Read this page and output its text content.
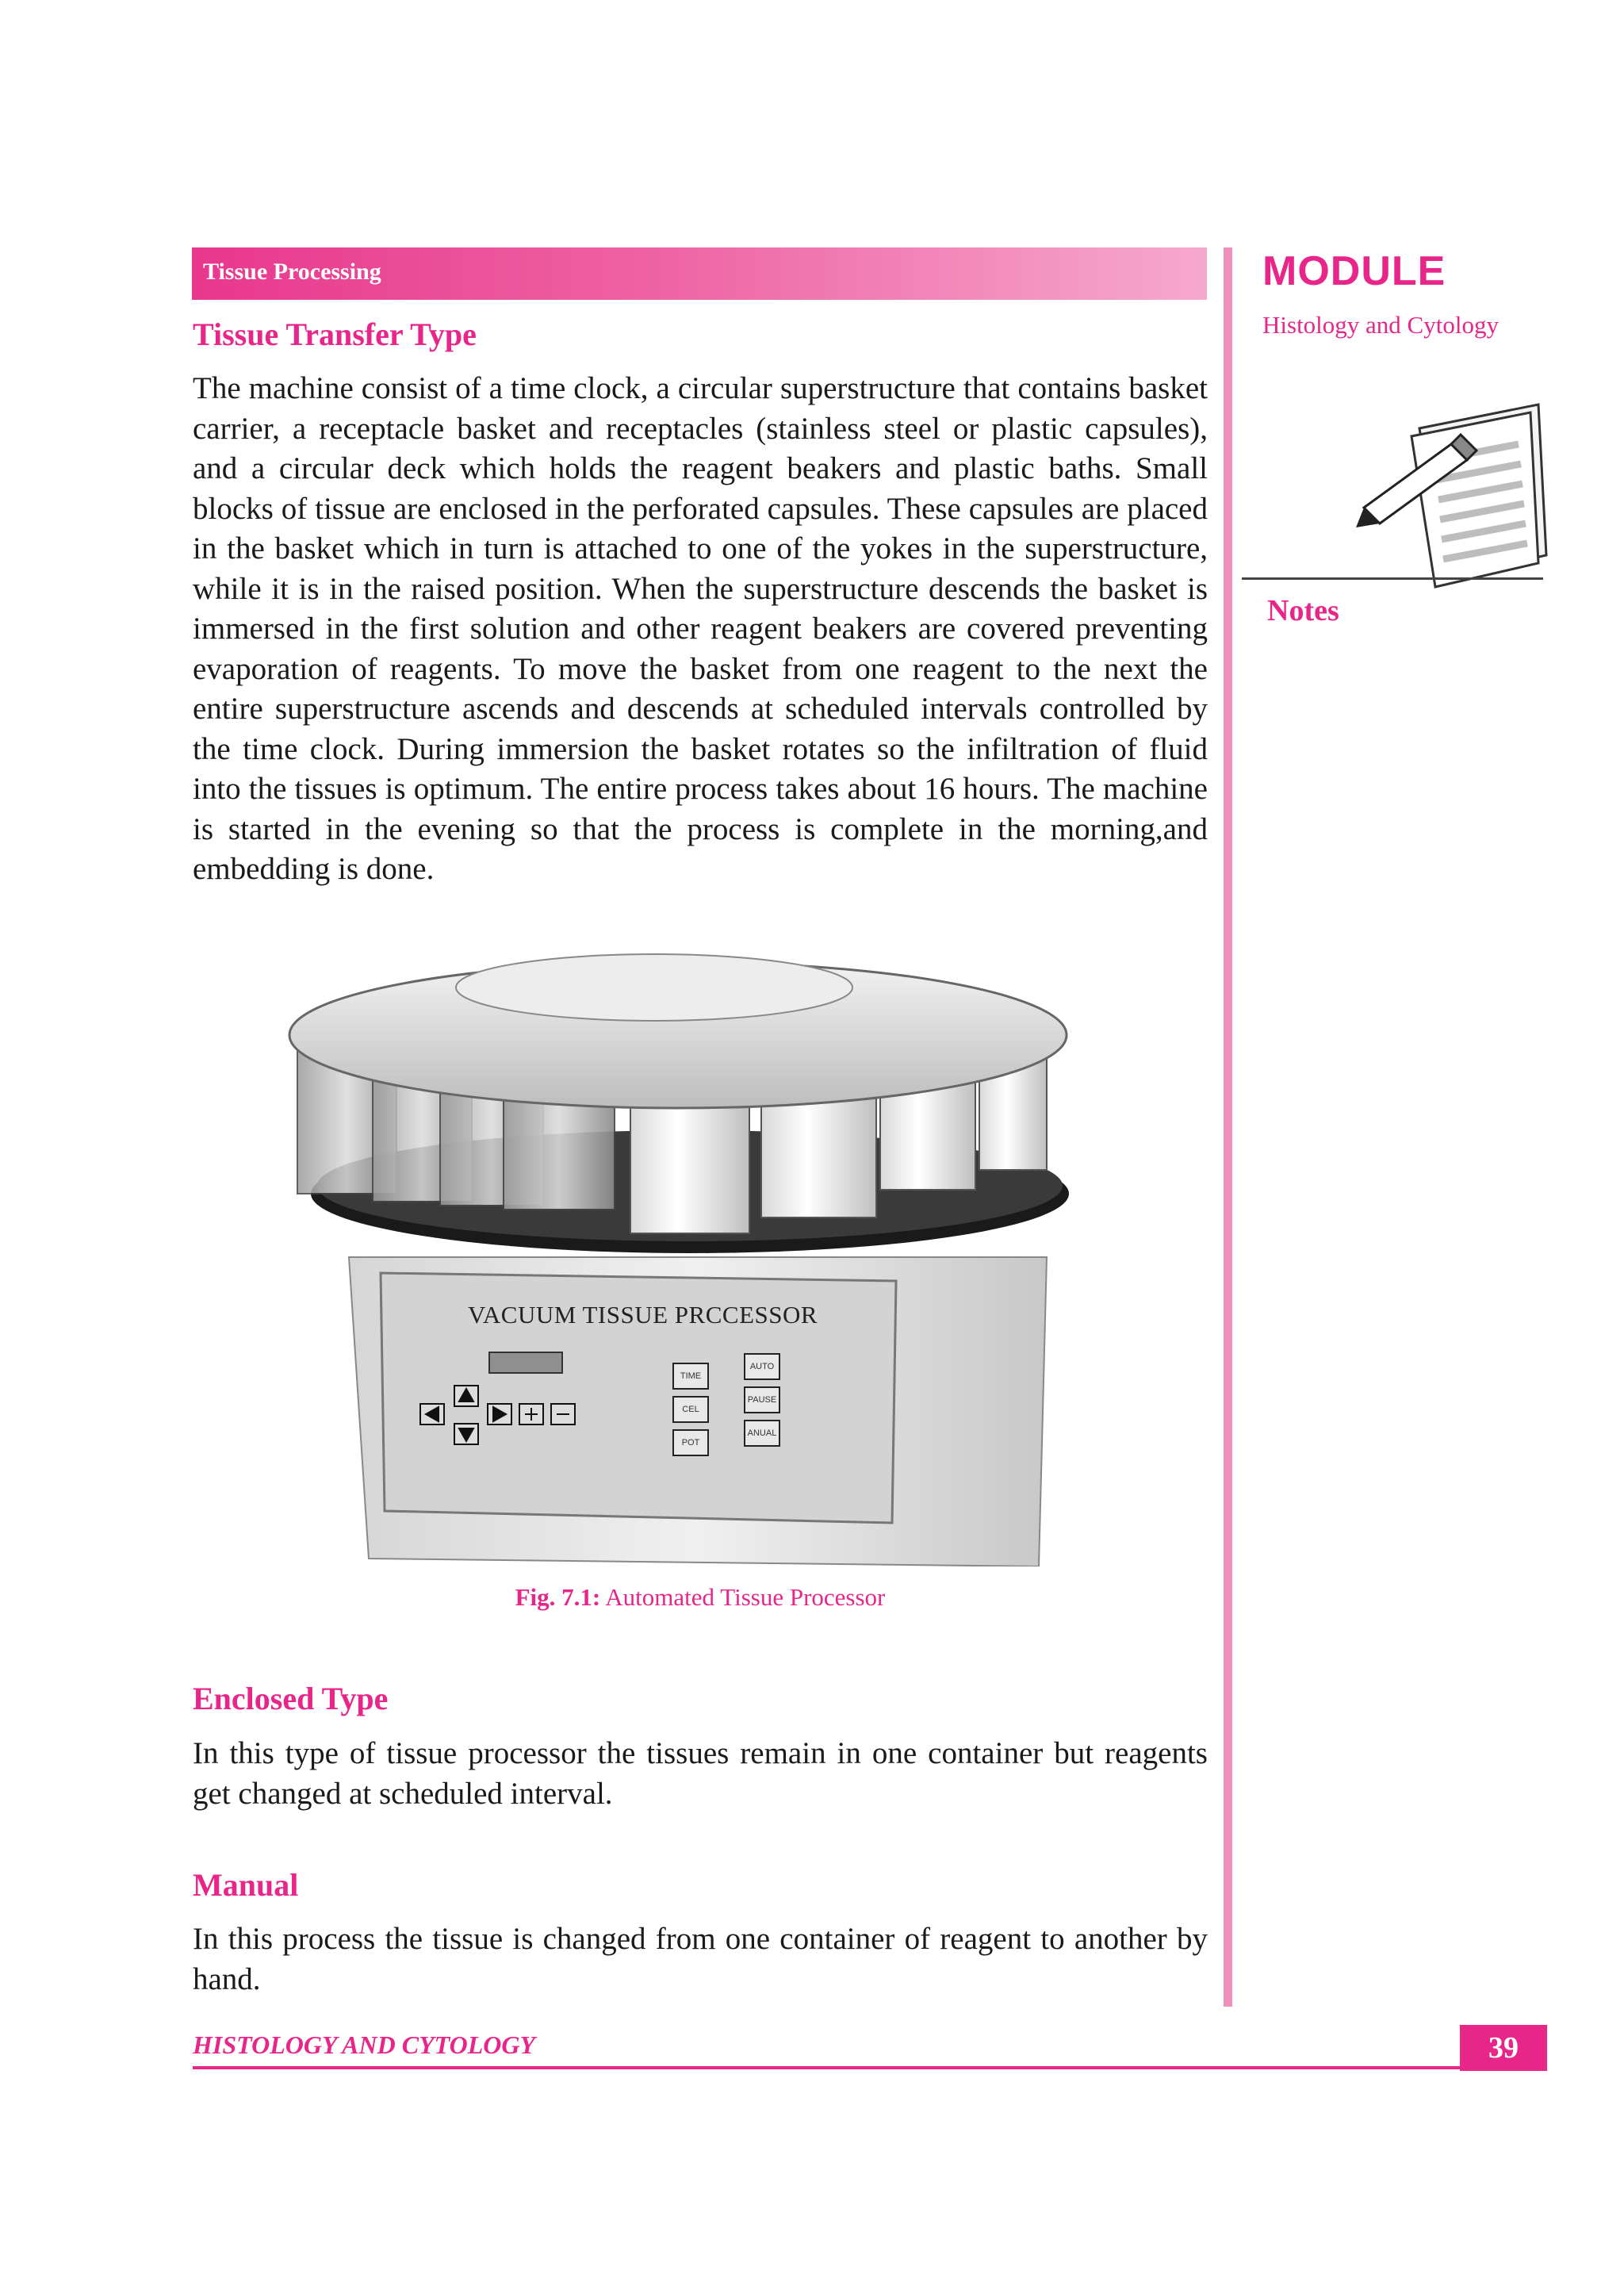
Tissue Processing	MODULE
Histology and Cytology
Notes
Tissue Transfer Type
The machine consist of a time clock, a circular superstructure that contains basket carrier, a receptacle basket and receptacles (stainless steel or plastic capsules), and a circular deck which holds the reagent beakers and plastic baths. Small blocks of tissue are enclosed in the perforated capsules. These capsules are placed in the basket which in turn is attached to one of the yokes in the superstructure, while it is in the raised position. When the superstructure descends the basket is immersed in the first solution and other reagent beakers are covered preventing evaporation of reagents. To move the basket from one reagent to the next the entire superstructure ascends and descends at scheduled intervals controlled by the time clock. During immersion the basket rotates so the infiltration of fluid into the tissues is optimum. The entire process takes about 16 hours. The machine is started in the evening so that the process is complete in the morning,and embedding is done.
VACUUM TISSUE PRCCESSOR
TIME
CEL
POT
AUTO
PAUSE
ANUAL
Fig. 7.1: Automated Tissue Processor
Enclosed Type
In this type of tissue processor the tissues remain in one container but reagents get changed at scheduled interval.
Manual
In this process the tissue is changed from one container of reagent to another by hand.
HISTOLOGY AND CYTOLOGY	39
